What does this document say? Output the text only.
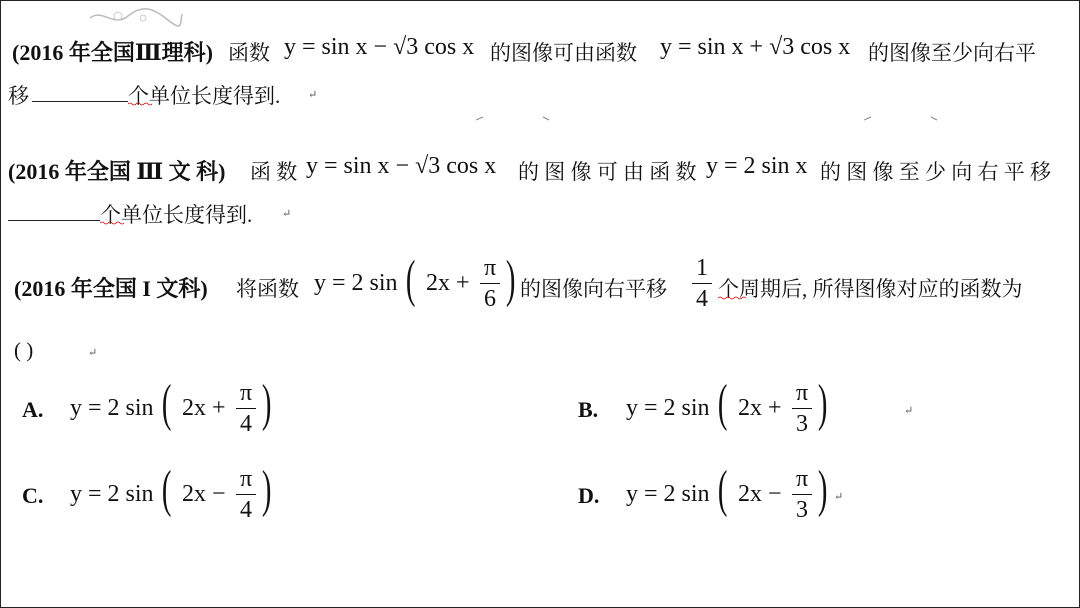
(2016 年全国Ⅲ理科) 函数 y = sin x − √3 cos x 的图像可由函数 y = sin x + √3 cos x 的图像至少向右平
移	个单位长度得到.	↵
(2016 年全国 Ⅲ 文 科) 函 数 y = sin x − √3 cos x 的 图 像 可 由 函 数 y = 2 sin x 的 图 像 至 少 向 右 平 移
个单位长度得到.	↵
(2016 年全国 I 文科) 将函数 y = 2 sin ( 2x +
π
6 ) 的图像向右平移
1
4 个周期后, 所得图像对应的函数为
( )	↵
A. y = 2 sin ( 2x +
π
4 )	B. y = 2 sin ( 2x +
π
3 )	↵
C. y = 2 sin ( 2x −
π
4 )	D. y = 2 sin ( 2x −
π
3 ) ↵
